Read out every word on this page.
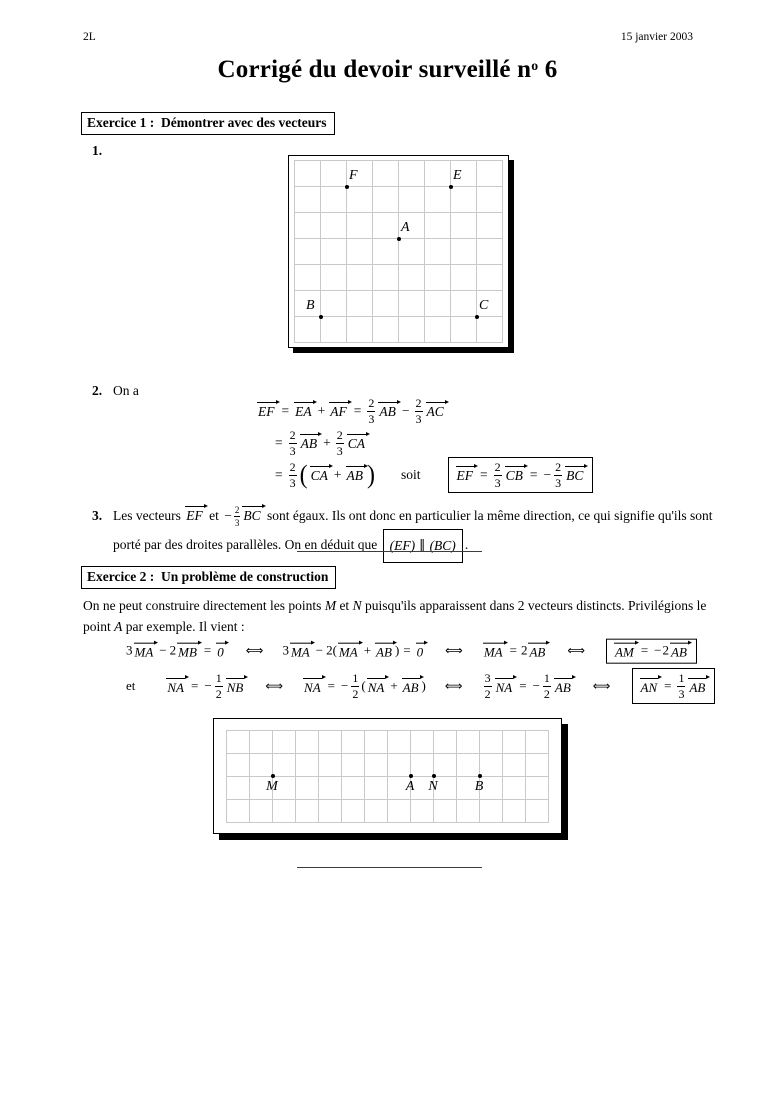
2L	15 janvier 2003
Corrigé du devoir surveillé $n^o$ 6
Exercice 1 :  Démontrer avec des vecteurs
1.
F	E
A
B	C
2. On a
EF = EA + AF = $\frac{2}{3}$ AB − $\frac{2}{3}$ AC
= $\frac{2}{3}$ AB + $\frac{2}{3}$ CA
= $\frac{2}{3}$ ( CA + AB ) soit	EF = $\frac{2}{3}$ CB = − $\frac{2}{3}$ BC
3. Les vecteurs EF et − $\frac{2}{3}$ BC sont égaux. Ils ont donc en particulier la même direction, ce qui signifie qu'ils sont
porté par des droites parallèles. On en déduit que (EF) ∥ (BC) .
Exercice 2 :  Un problème de construction
On ne peut construire directement les points M et N puisqu'ils apparaissent dans 2 vecteurs distincts. Privilégions le
point A par exemple. Il vient :
3 MA − 2 MB = 0 ⟺ 3 MA − 2( MA + AB ) = 0 ⟺ MA = 2 AB ⟺ AM = − 2 AB
et NA = − $\frac{1}{2}$ NB ⟺ NA = − $\frac{1}{2}$ ( NA + AB ) ⟺ $\frac{3}{2}$ NA = − $\frac{1}{2}$ AB ⟺ AN = $\frac{1}{3}$ AB
M	A N	B
